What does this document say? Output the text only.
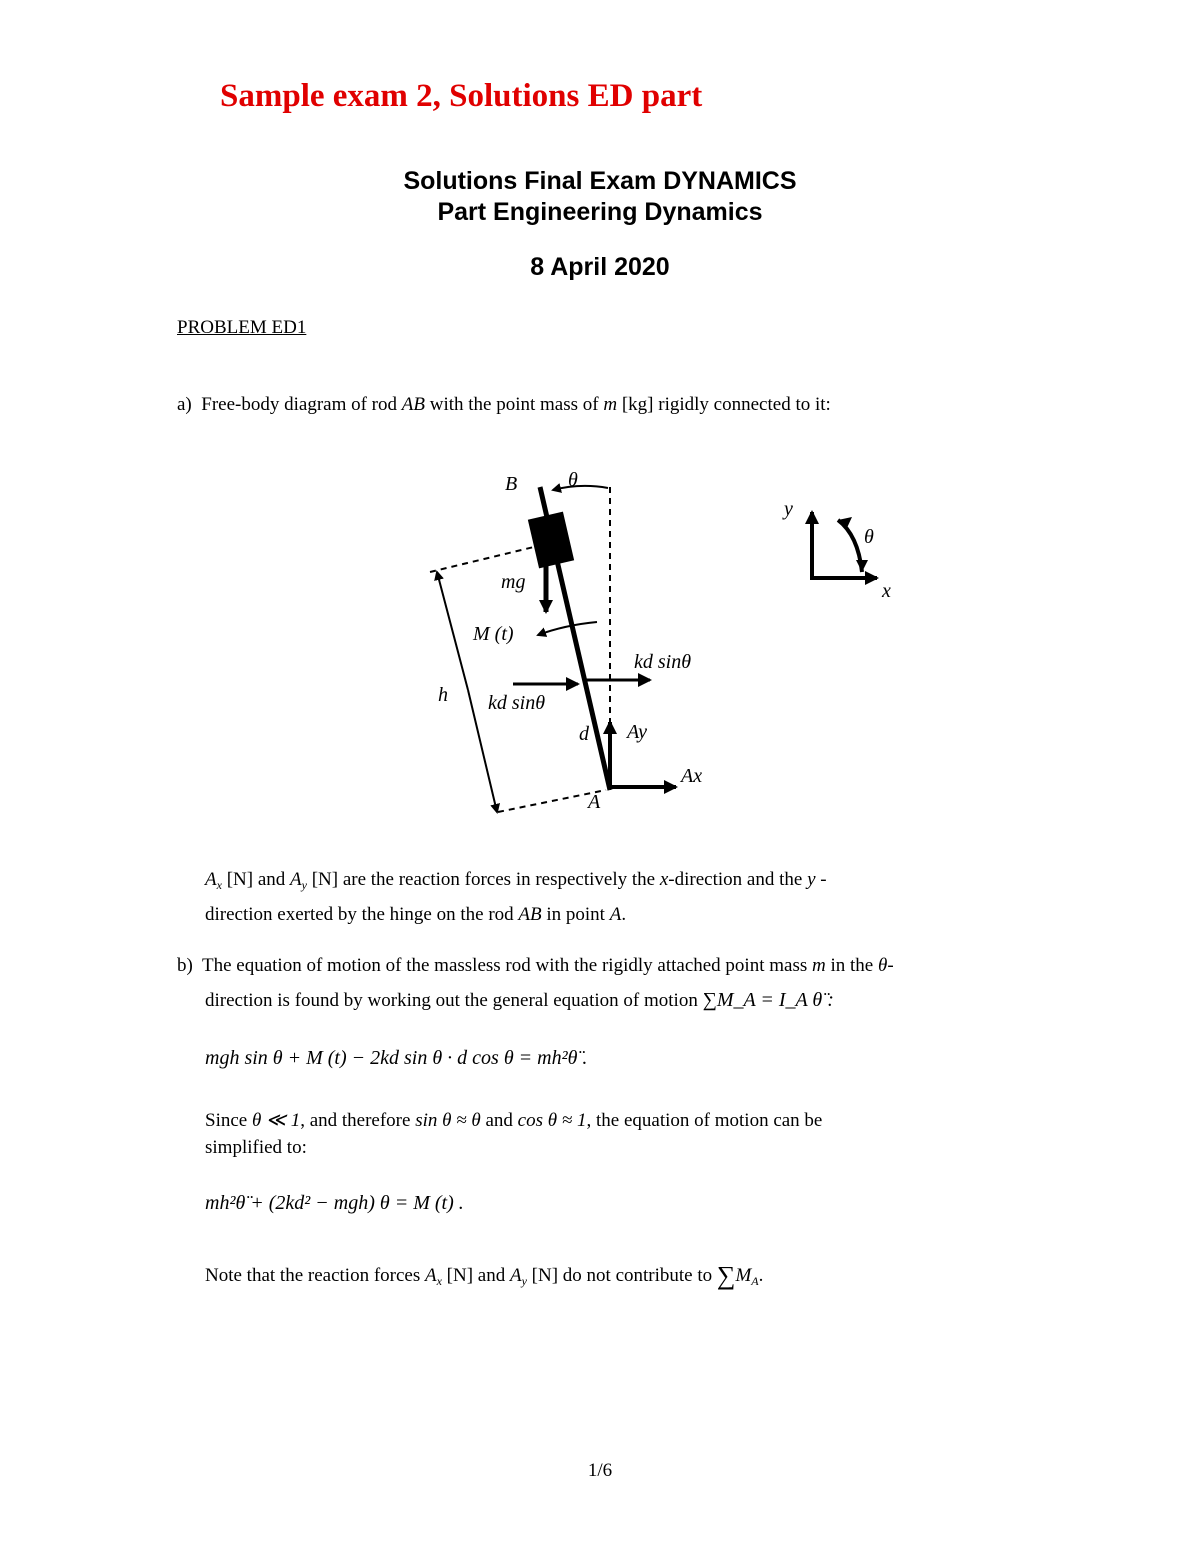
Sample exam 2, Solutions ED part
Solutions Final Exam DYNAMICS
Part Engineering Dynamics
8 April 2020
PROBLEM ED1
a) Free-body diagram of rod AB with the point mass of m [kg] rigidly connected to it:
B	θ
mg
M (t)
kd sinθ
kd sinθ
h
d Ay
Ax
A
y
θ
x
$A_x$ [N] and $A_y$ [N] are the reaction forces in respectively the x-direction and the y -
direction exerted by the hinge on the rod AB in point A.
b) The equation of motion of the massless rod with the rigidly attached point mass m in the θ-
direction is found by working out the general equation of motion ∑M_A = I_A θ̈ :
mgh sin θ + M (t) − 2kd sin θ · d cos θ = mh²θ̈ .
Since θ ≪ 1, and therefore sin θ ≈ θ and cos θ ≈ 1, the equation of motion can be
simplified to:
mh²θ̈ + (2kd² − mgh) θ = M (t) .
Note that the reaction forces $A_x$ [N] and $A_y$ [N] do not contribute to $\sum M_A$.
1/6
